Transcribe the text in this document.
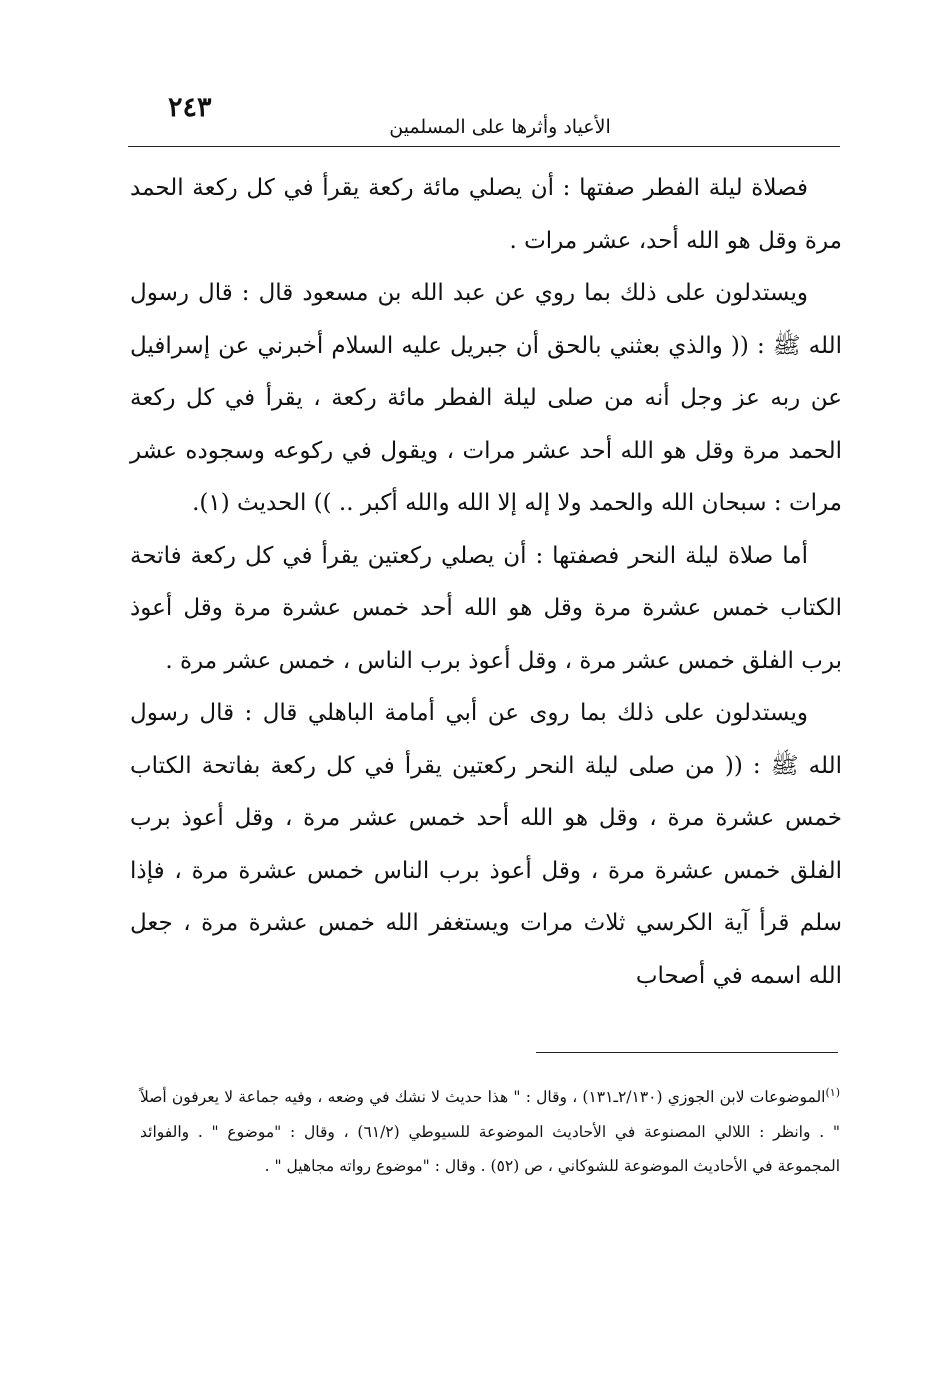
٢٤٣
الأعياد وأثرها على المسلمين

فصلاة ليلة الفطر صفتها : أن يصلي مائة ركعة يقرأ في كل ركعة الحمد مرة وقل هو الله أحد، عشر مرات .

ويستدلون على ذلك بما روي عن عبد الله بن مسعود قال : قال رسول الله ﷺ : (( والذي بعثني بالحق أن جبريل عليه السلام أخبرني عن إسرافيل عن ربه عز وجل أنه من صلى ليلة الفطر مائة ركعة ، يقرأ في كل ركعة الحمد مرة وقل هو الله أحد عشر مرات ، ويقول في ركوعه وسجوده عشر مرات : سبحان الله والحمد ولا إله إلا الله والله أكبر .. )) الحديث (١).

أما صلاة ليلة النحر فصفتها : أن يصلي ركعتين يقرأ في كل ركعة فاتحة الكتاب خمس عشرة مرة وقل هو الله أحد خمس عشرة مرة وقل أعوذ برب الفلق خمس عشر مرة ، وقل أعوذ برب الناس ، خمس عشر مرة .

ويستدلون على ذلك بما روى عن أبي أمامة الباهلي قال : قال رسول الله ﷺ : (( من صلى ليلة النحر ركعتين يقرأ في كل ركعة بفاتحة الكتاب خمس عشرة مرة ، وقل هو الله أحد خمس عشر مرة ، وقل أعوذ برب الفلق خمس عشرة مرة ، وقل أعوذ برب الناس خمس عشرة مرة ، فإذا سلم قرأ آية الكرسي ثلاث مرات ويستغفر الله خمس عشرة مرة ، جعل الله اسمه في أصحاب

$^{(١)}$الموضوعات لابن الجوزي (٢/١٣٠ـ١٣١) ، وقال : " هذا حديث لا نشك في وضعه ، وفيه جماعة لا يعرفون أصلاً " . وانظر : اللالي المصنوعة في الأحاديث الموضوعة للسيوطي (٦١/٢) ، وقال : "موضوع " . والفوائد المجموعة في الأحاديث الموضوعة للشوكاني ، ص (٥٢) . وقال : "موضوع رواته مجاهيل " .
